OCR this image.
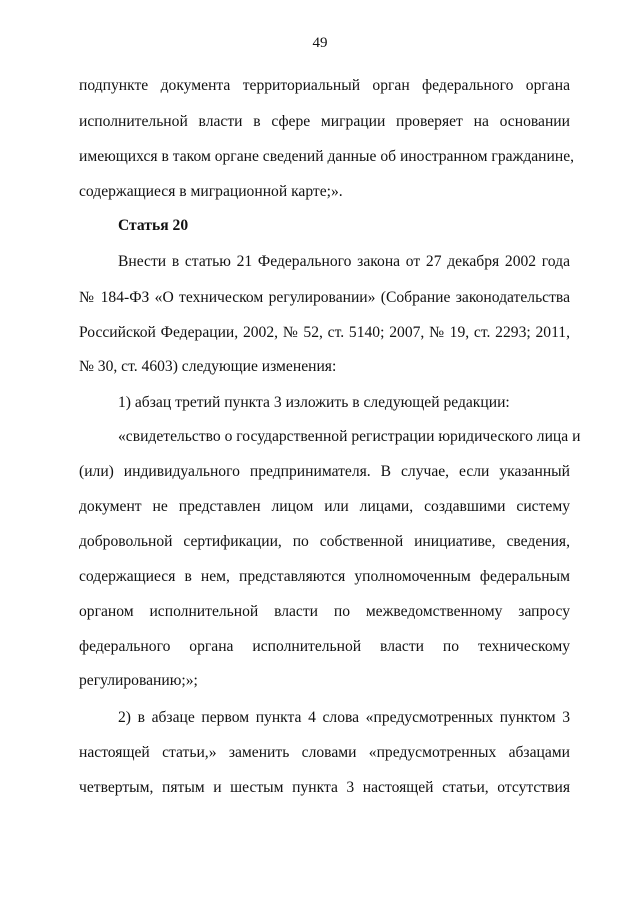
49
подпункте документа территориальный орган федерального органа
исполнительной власти в сфере миграции проверяет на основании
имеющихся в таком органе сведений данные об иностранном гражданине,
содержащиеся в миграционной карте;».
Статья 20
Внести в статью 21 Федерального закона от 27 декабря 2002 года
№ 184-ФЗ «О техническом регулировании» (Собрание законодательства
Российской Федерации, 2002, № 52, ст. 5140; 2007, № 19, ст. 2293; 2011,
№ 30, ст. 4603) следующие изменения:
1) абзац третий пункта 3 изложить в следующей редакции:
«свидетельство о государственной регистрации юридического лица и
(или) индивидуального предпринимателя. В случае, если указанный
документ не представлен лицом или лицами, создавшими систему
добровольной сертификации, по собственной инициативе, сведения,
содержащиеся в нем, представляются уполномоченным федеральным
органом исполнительной власти по межведомственному запросу
федерального органа исполнительной власти по техническому
регулированию;»;
2) в абзаце первом пункта 4 слова «предусмотренных пунктом 3
настоящей статьи,» заменить словами «предусмотренных абзацами
четвертым, пятым и шестым пункта 3 настоящей статьи, отсутствия
